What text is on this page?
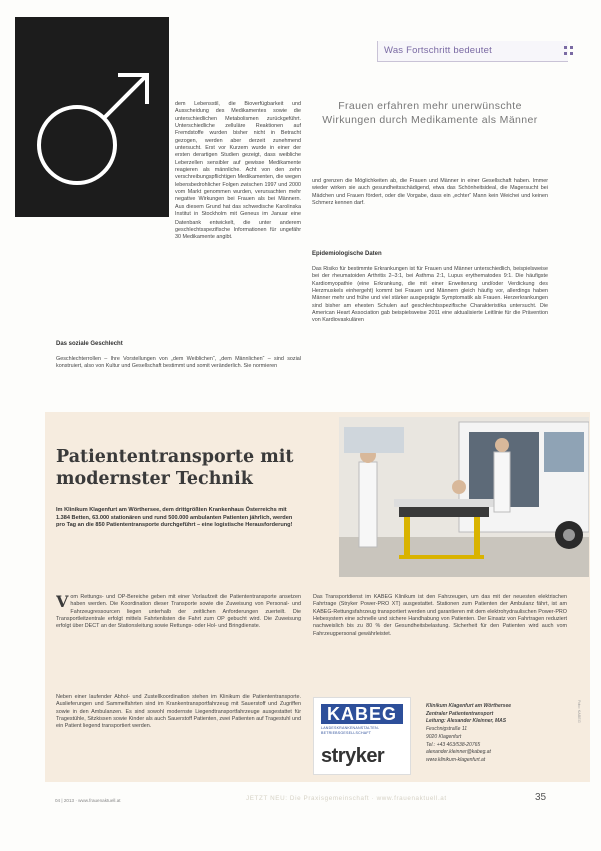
Was Fortschritt bedeutet

dem Lebensstil, die Bioverfügbarkeit und Ausscheidung des Medikamentes sowie die unterschiedlichen Metabolismen zurückgeführt. Unterschiedliche zelluläre Reaktionen auf Fremdstoffe wurden bisher nicht in Betracht gezogen, werden aber derzeit zunehmend untersucht. Erst vor Kurzem wurde in einer der ersten derartigen Studien gezeigt, dass weibliche Leberzellen sensibler auf gewisse Medikamente reagieren als männliche. Acht von den zehn verschreibungspflichtigen Medikamenten, die wegen lebensbedrohlicher Folgen zwischen 1997 und 2000 vom Markt genommen wurden, verursachten mehr negative Wirkungen bei Frauen als bei Männern. Aus diesem Grund hat das schwedische Karolinska Institut in Stockholm mit Geneus im Januar eine

Datenbank entwickelt, die unter anderem geschlechtsspezifische Informationen für ungefähr 30 Medikamente angibt.

Das soziale Geschlecht

Geschlechterrollen – Ihre Vorstellungen von „dem Weiblichen“, „dem Männlichen“ – sind sozial konstruiert, also von Kultur und Gesellschaft bestimmt und somit veränderlich. Sie normieren

Frauen erfahren mehr unerwünschte Wirkungen durch Medikamente als Männer

und grenzen die Möglichkeiten ab, die Frauen und Männer in einer Gesellschaft haben. Immer wieder wirken sie auch gesundheitsschädigend, etwa das Schönheitsideal, die Magersucht bei Mädchen und Frauen fördert, oder die Vorgabe, dass ein „echter“ Mann kein Weichei und keinen Schmerz kennen darf.

Epidemiologische Daten

Das Risiko für bestimmte Erkrankungen ist für Frauen und Männer unterschiedlich, beispielsweise bei der rheumatoiden Arthritis 2–3:1, bei Asthma 2:1, Lupus erythematodes 9:1. Die häufigste Kardiomyopathie (eine Erkrankung, die mit einer Erweiterung und/oder Verdickung des Herzmuskels einhergeht) kommt bei Frauen und Männern gleich häufig vor, allerdings haben Männer mehr und frühe und viel stärker ausgeprägte Symptomatik als Frauen. Herzerkrankungen sind bisher am ehesten Schulen auf geschlechtsspezifische Charakteristika untersucht. Die American Heart Association gab beispielsweise 2011 eine aktualisierte Leitlinie für die Prävention von Kardiovaskulären

Patiententransporte mit modernster Technik
Im Klinikum Klagenfurt am Wörthersee, dem drittgrößten Krankenhaus Österreichs mit 1.384 Betten, 63.000 stationären und rund 500.000 ambulanten Patienten jährlich, werden pro Tag an die 850 Patiententransporte durchgeführt – eine logistische Herausforderung!
V om Rettungs- und OP-Bereiche geben mit einer Vorlaufzeit die Patiententransporte ansetzen haben werden. Die Koordination dieser Transporte sowie die Zuweisung von Personal- und Fahrzeugressourcen liegen unterhalb der zeitlichen Anforderungen zuerteilt. Die Transportleitzentrale erfolgt mittels Fahrtenlisten die Fahrt zum OP gebucht wird. Die Zuweisung erfolgt über DECT an der Stationsleitung sowie Rettungs- oder Hol- und Bringdienste.

Neben einer laufender Abhol- und Zustellkoordination stehen im Klinikum die Patiententransporte. Auslieferungen und Sammelfahrten sind im Krankentransportfahrzeug mit Sauerstoff und Zugriffen sowie in den Ambulanzen. Es sind sowohl modernste Liegendtransportfahrzeuge ausgestattet für Tragestühle, Sitzkissen sowie Kinder als auch Sauerstoff Patienten, zwei Patienten auf Tragestuhl und ein Patient liegend transportiert werden.

Das Transportdienst im KABEG Klinikum ist den Fahrzeugen, um das mit der neuesten elektrischen Fahrtrage (Stryker Power-PRO XT) ausgestattet. Stationen zum Patienten der Ambulanz fährt, ist am KABEG-Rettungsfahrzeug transportiert werden und garantieren mit dem elektrohydraulischen Power-PRO Hebesystem eine schnelle und sichere Handhabung von Patienten. Der Einsatz von Fahrtragen reduziert nachweislich bis zu 80 % der Gesundheitsbelastung. Sicherheit für den Patienten wird auch vom Fahrzeugpersonal gewährleistet.

KABEG
LANDESKRANKENANSTALTEN-BETRIEBSGESELLSCHAFT
stryker
Klinikum Klagenfurt am Wörthersee
Zentraler Patiententransport
Leitung: Alexander Kleinner, MAS
Feschnigstraße 11
9020 Klagenfurt
Tel.: +43 463/538-20765
alexander.kleinner@kabeg.at
www.klinikum-klagenfurt.at
Foto: KABEG
04 | 2013 · www.frauenaktuell.at	JETZT NEU: Die Praxisgemeinschaft · www.frauenaktuell.at	35
